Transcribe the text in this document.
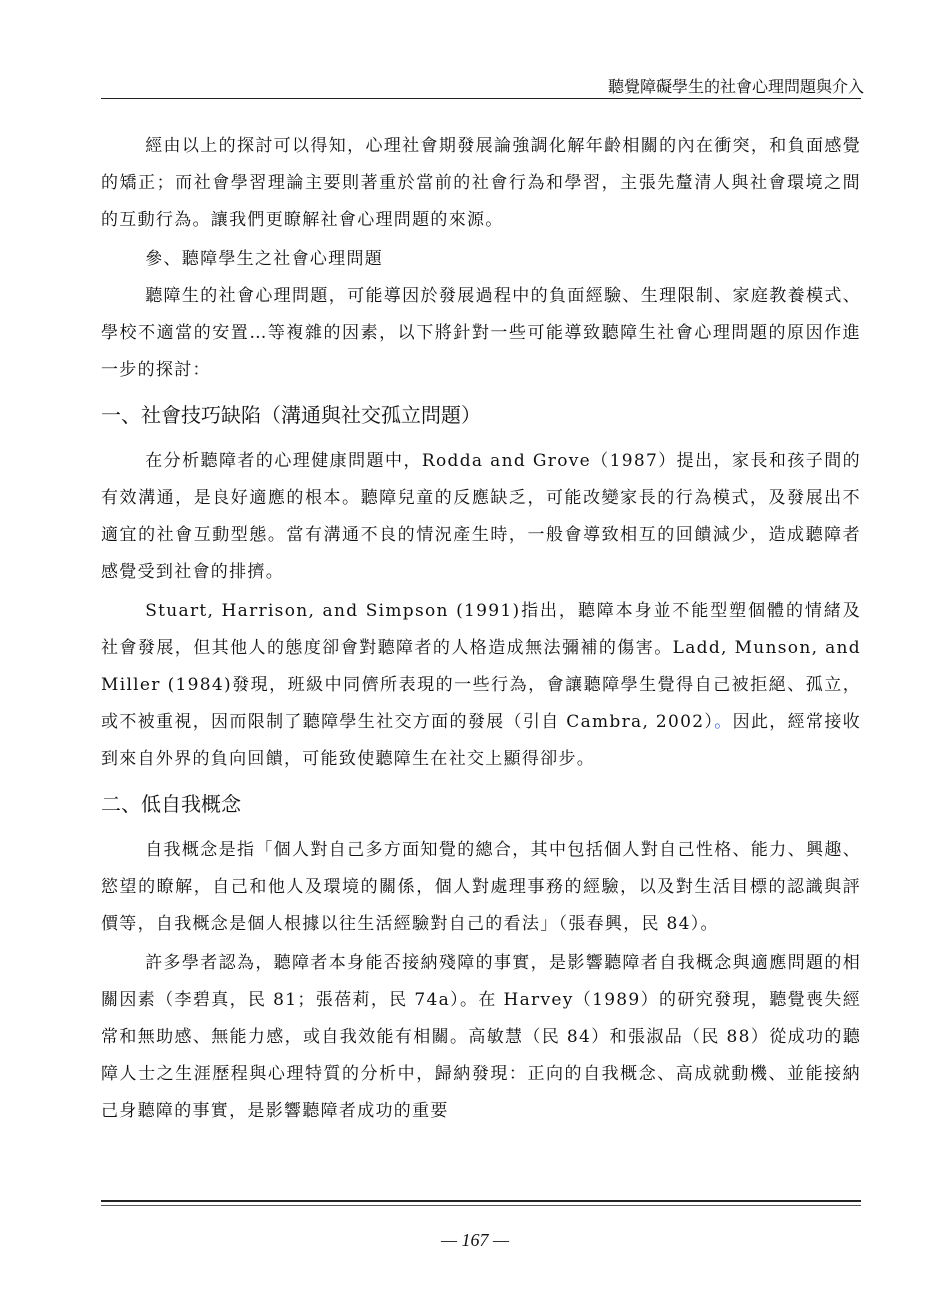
聽覺障礙學生的社會心理問題與介入

經由以上的探討可以得知，心理社會期發展論強調化解年齡相關的內在衝突，和負面感覺的矯正；而社會學習理論主要則著重於當前的社會行為和學習，主張先釐清人與社會環境之間的互動行為。讓我們更瞭解社會心理問題的來源。

參、聽障學生之社會心理問題

聽障生的社會心理問題，可能導因於發展過程中的負面經驗、生理限制、家庭教養模式、學校不適當的安置…等複雜的因素，以下將針對一些可能導致聽障生社會心理問題的原因作進一步的探討：

一、社會技巧缺陷（溝通與社交孤立問題）

在分析聽障者的心理健康問題中，Rodda and Grove（1987）提出，家長和孩子間的有效溝通，是良好適應的根本。聽障兒童的反應缺乏，可能改變家長的行為模式，及發展出不適宜的社會互動型態。當有溝通不良的情況產生時，一般會導致相互的回饋減少，造成聽障者感覺受到社會的排擠。

Stuart, Harrison, and Simpson (1991)指出，聽障本身並不能型塑個體的情緒及社會發展，但其他人的態度卻會對聽障者的人格造成無法彌補的傷害。Ladd, Munson, and Miller (1984)發現，班級中同儕所表現的一些行為，會讓聽障學生覺得自己被拒絕、孤立，或不被重視，因而限制了聽障學生社交方面的發展（引自 Cambra, 2002）。因此，經常接收到來自外界的負向回饋，可能致使聽障生在社交上顯得卻步。

二、低自我概念

自我概念是指「個人對自己多方面知覺的總合，其中包括個人對自己性格、能力、興趣、慾望的瞭解，自己和他人及環境的關係，個人對處理事務的經驗，以及對生活目標的認識與評價等，自我概念是個人根據以往生活經驗對自己的看法」（張春興，民 84）。

許多學者認為，聽障者本身能否接納殘障的事實，是影響聽障者自我概念與適應問題的相關因素（李碧真，民 81；張蓓莉，民 74a）。在 Harvey（1989）的研究發現，聽覺喪失經常和無助感、無能力感，或自我效能有相關。高敏慧（民 84）和張淑品（民 88）從成功的聽障人士之生涯歷程與心理特質的分析中，歸納發現：正向的自我概念、高成就動機、並能接納己身聽障的事實，是影響聽障者成功的重要

— 167 —
